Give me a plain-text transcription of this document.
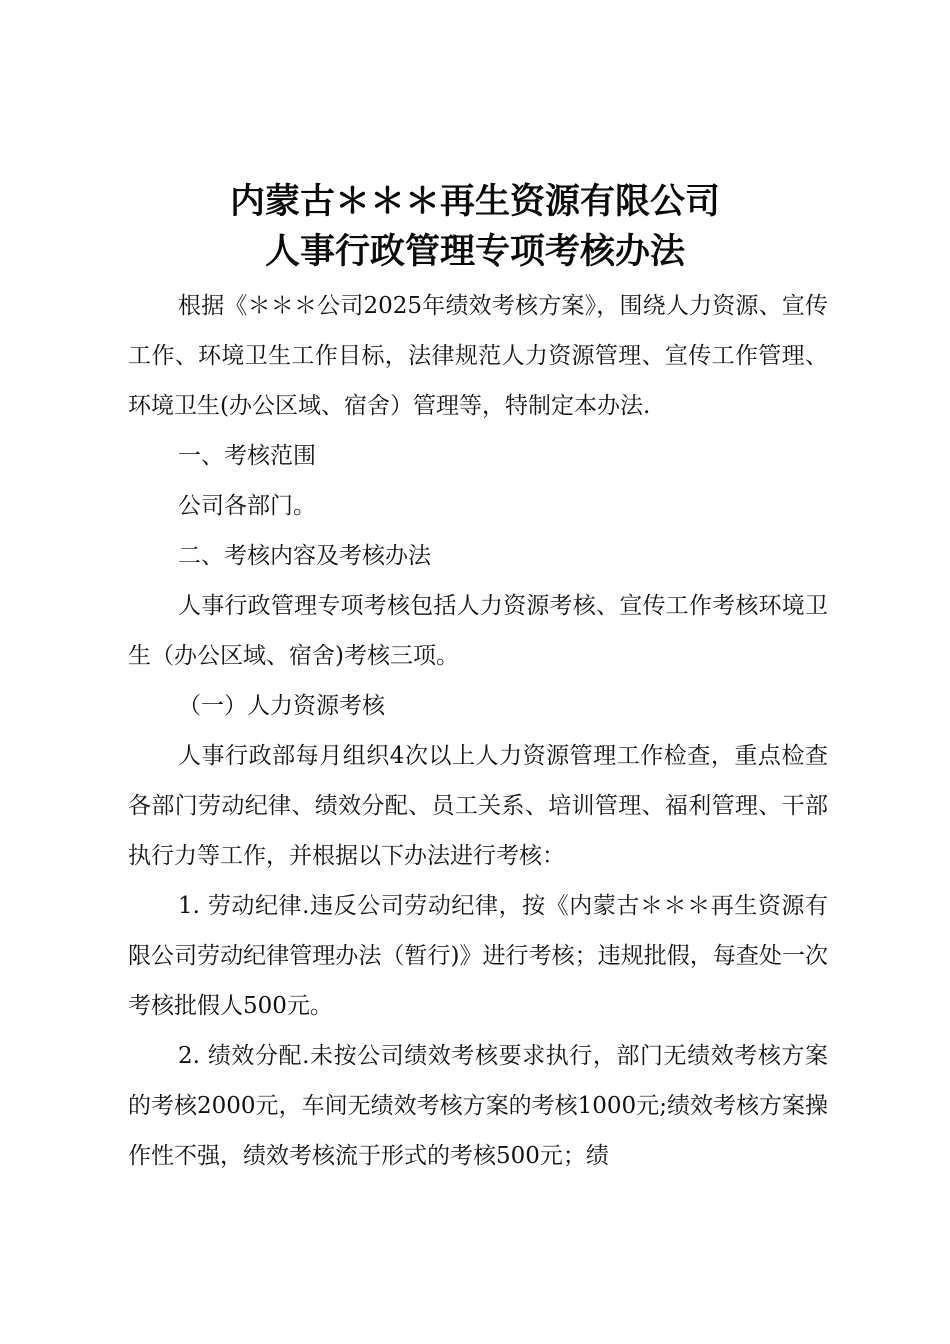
内蒙古＊＊＊再生资源有限公司
人事行政管理专项考核办法

根据《＊＊＊公司2025年绩效考核方案》，围绕人力资源、宣传工作、环境卫生工作目标，法律规范人力资源管理、宣传工作管理、环境卫生(办公区域、宿舍）管理等，特制定本办法.

一、考核范围

公司各部门。

二、考核内容及考核办法

人事行政管理专项考核包括人力资源考核、宣传工作考核环境卫生（办公区域、宿舍)考核三项。

（一）人力资源考核

人事行政部每月组织4次以上人力资源管理工作检查，重点检查各部门劳动纪律、绩效分配、员工关系、培训管理、福利管理、干部执行力等工作，并根据以下办法进行考核：

1. 劳动纪律.违反公司劳动纪律，按《内蒙古＊＊＊再生资源有限公司劳动纪律管理办法（暂行)》进行考核；违规批假，每查处一次考核批假人500元。

2. 绩效分配.未按公司绩效考核要求执行，部门无绩效考核方案的考核2000元，车间无绩效考核方案的考核1000元;绩效考核方案操作性不强，绩效考核流于形式的考核500元；绩
